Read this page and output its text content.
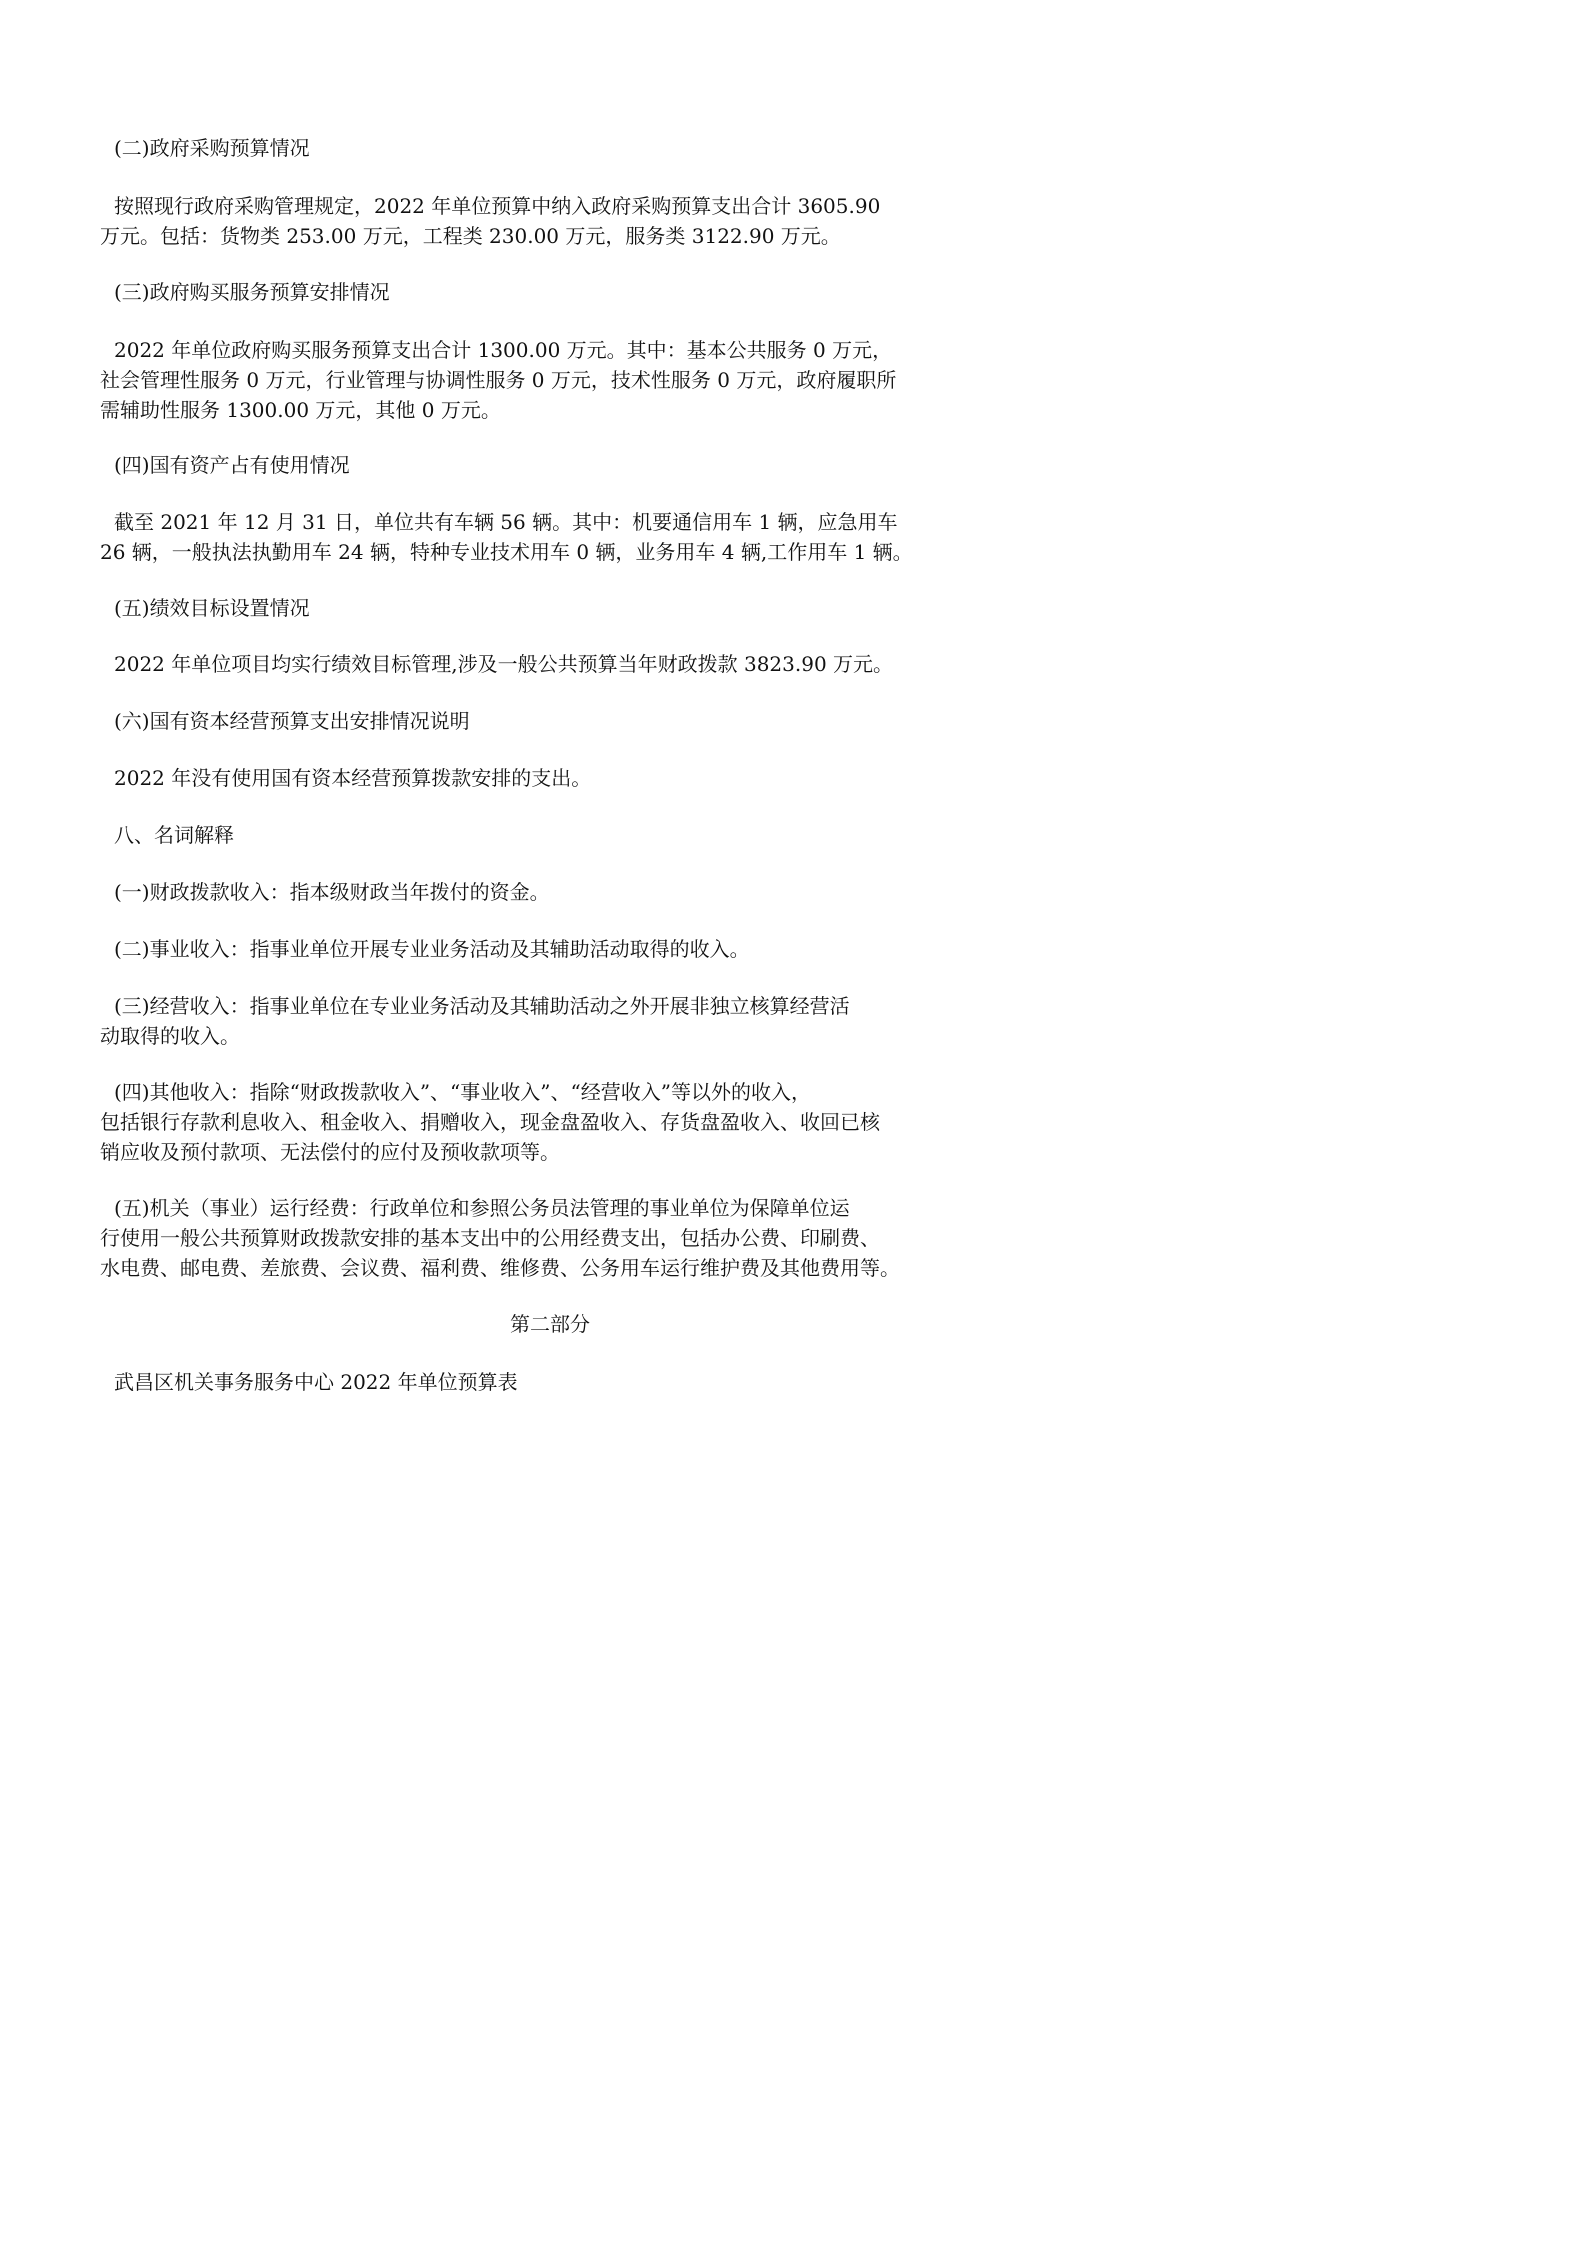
(二)政府采购预算情况
按照现行政府采购管理规定，2022 年单位预算中纳入政府采购预算支出合计 3605.90
万元。包括：货物类 253.00 万元，工程类 230.00 万元，服务类 3122.90 万元。
(三)政府购买服务预算安排情况
2022 年单位政府购买服务预算支出合计 1300.00 万元。其中：基本公共服务 0 万元，
社会管理性服务 0 万元，行业管理与协调性服务 0 万元，技术性服务 0 万元，政府履职所
需辅助性服务 1300.00 万元，其他 0 万元。
(四)国有资产占有使用情况
截至 2021 年 12 月 31 日，单位共有车辆 56 辆。其中：机要通信用车 1 辆，应急用车
26 辆，一般执法执勤用车 24 辆，特种专业技术用车 0 辆，业务用车 4 辆,工作用车 1 辆。
(五)绩效目标设置情况
2022 年单位项目均实行绩效目标管理,涉及一般公共预算当年财政拨款 3823.90 万元。
(六)国有资本经营预算支出安排情况说明
2022 年没有使用国有资本经营预算拨款安排的支出。
八、名词解释
(一)财政拨款收入：指本级财政当年拨付的资金。
(二)事业收入：指事业单位开展专业业务活动及其辅助活动取得的收入。
(三)经营收入：指事业单位在专业业务活动及其辅助活动之外开展非独立核算经营活
动取得的收入。
(四)其他收入：指除“财政拨款收入”、“事业收入”、“经营收入”等以外的收入，
包括银行存款利息收入、租金收入、捐赠收入，现金盘盈收入、存货盘盈收入、收回已核
销应收及预付款项、无法偿付的应付及预收款项等。
(五)机关（事业）运行经费：行政单位和参照公务员法管理的事业单位为保障单位运
行使用一般公共预算财政拨款安排的基本支出中的公用经费支出，包括办公费、印刷费、
水电费、邮电费、差旅费、会议费、福利费、维修费、公务用车运行维护费及其他费用等。
第二部分
武昌区机关事务服务中心 2022 年单位预算表
